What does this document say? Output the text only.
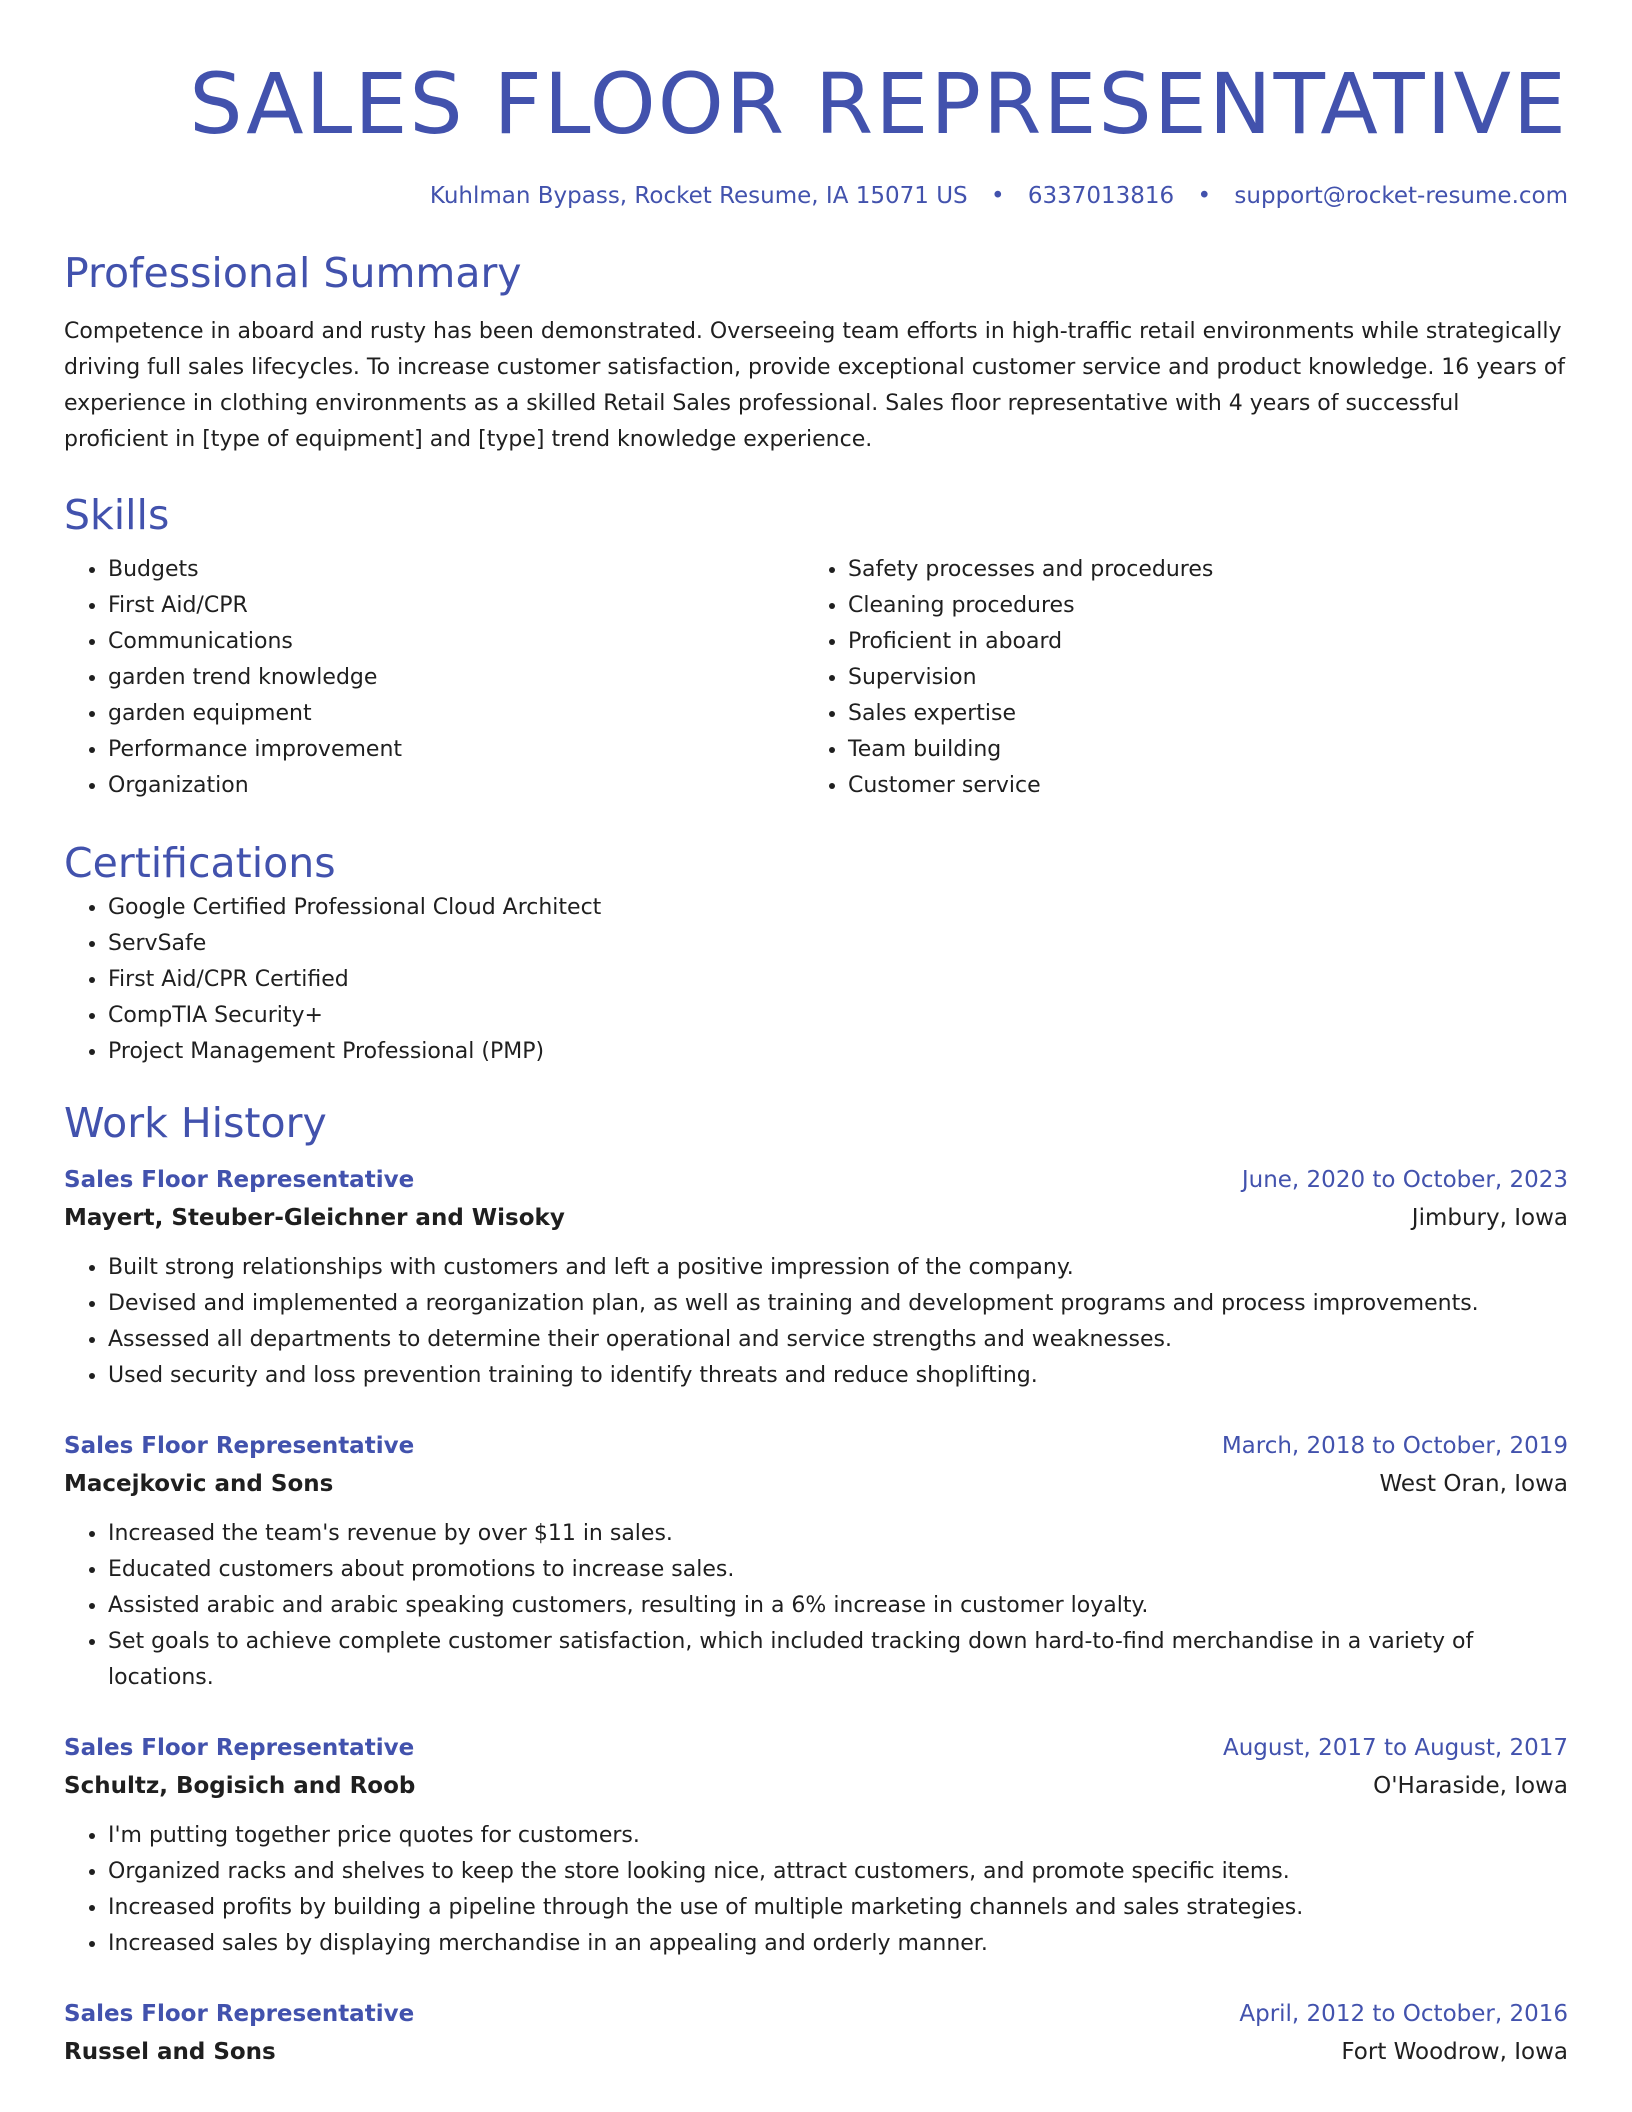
SALES FLOOR REPRESENTATIVE
Kuhlman Bypass, Rocket Resume, IA 15071 US • 6337013816 • support@rocket-resume.com
Professional Summary

Competence in aboard and rusty has been demonstrated. Overseeing team efforts in high-traffic retail environments while strategically driving full sales lifecycles. To increase customer satisfaction, provide exceptional customer service and product knowledge. 16 years of experience in clothing environments as a skilled Retail Sales professional. Sales floor representative with 4 years of successful proficient in [type of equipment] and [type] trend knowledge experience.

Skills
• Budgets
• First Aid/CPR
• Communications
• garden trend knowledge
• garden equipment
• Performance improvement
• Organization
• Safety processes and procedures
• Cleaning procedures
• Proficient in aboard
• Supervision
• Sales expertise
• Team building
• Customer service
Certifications
• Google Certified Professional Cloud Architect
• ServSafe
• First Aid/CPR Certified
• CompTIA Security+
• Project Management Professional (PMP)
Work History
Sales Floor Representative	June, 2020 to October, 2023
Mayert, Steuber-Gleichner and Wisoky	Jimbury, Iowa
• Built strong relationships with customers and left a positive impression of the company.
• Devised and implemented a reorganization plan, as well as training and development programs and process improvements.
• Assessed all departments to determine their operational and service strengths and weaknesses.
• Used security and loss prevention training to identify threats and reduce shoplifting.
Sales Floor Representative	March, 2018 to October, 2019
Macejkovic and Sons	West Oran, Iowa
• Increased the team's revenue by over $11 in sales.
• Educated customers about promotions to increase sales.
• Assisted arabic and arabic speaking customers, resulting in a 6% increase in customer loyalty.
• Set goals to achieve complete customer satisfaction, which included tracking down hard-to-find merchandise in a variety of locations.
Sales Floor Representative	August, 2017 to August, 2017
Schultz, Bogisich and Roob	O'Haraside, Iowa
• I'm putting together price quotes for customers.
• Organized racks and shelves to keep the store looking nice, attract customers, and promote specific items.
• Increased profits by building a pipeline through the use of multiple marketing channels and sales strategies.
• Increased sales by displaying merchandise in an appealing and orderly manner.
Sales Floor Representative	April, 2012 to October, 2016
Russel and Sons	Fort Woodrow, Iowa
